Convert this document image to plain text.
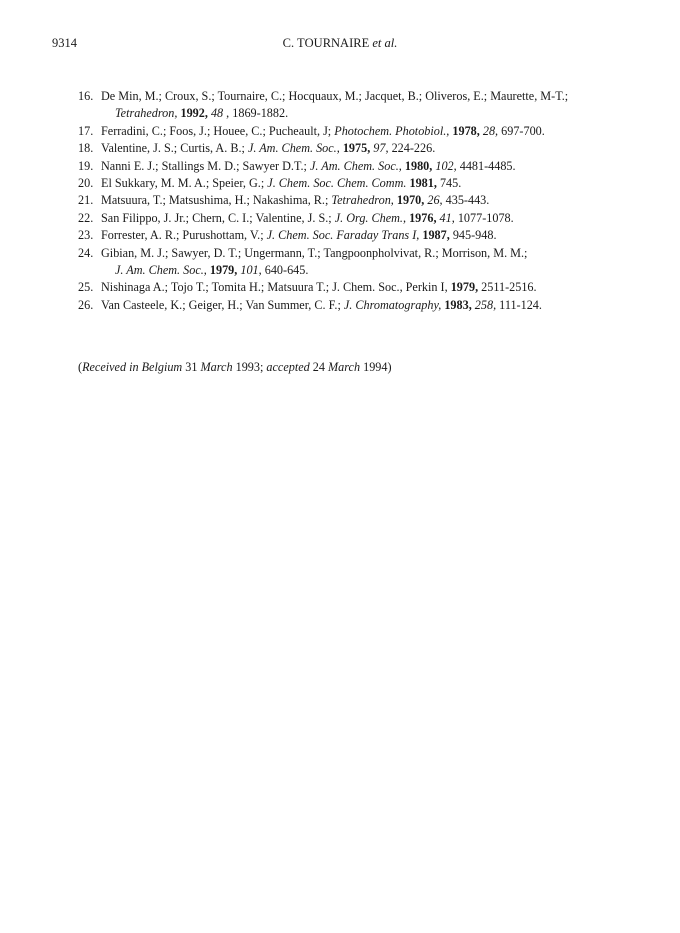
9314	C. TOURNAIRE et al.
16. De Min, M.; Croux, S.; Tournaire, C.; Hocquaux, M.; Jacquet, B.; Oliveros, E.; Maurette, M-T.;
Tetrahedron, 1992, 48 , 1869-1882.
17. Ferradini, C.; Foos, J.; Houee, C.; Pucheault, J; Photochem. Photobiol., 1978, 28, 697-700.
18. Valentine, J. S.; Curtis, A. B.; J. Am. Chem. Soc., 1975, 97, 224-226.
19. Nanni E. J.; Stallings M. D.; Sawyer D.T.; J. Am. Chem. Soc., 1980, 102, 4481-4485.
20. El Sukkary, M. M. A.; Speier, G.; J. Chem. Soc. Chem. Comm. 1981, 745.
21. Matsuura, T.; Matsushima, H.; Nakashima, R.; Tetrahedron, 1970, 26, 435-443.
22. San Filippo, J. Jr.; Chern, C. I.; Valentine, J. S.; J. Org. Chem., 1976, 41, 1077-1078.
23. Forrester, A. R.; Purushottam, V.; J. Chem. Soc. Faraday Trans I, 1987, 945-948.
24. Gibian, M. J.; Sawyer, D. T.; Ungermann, T.; Tangpoonpholvivat, R.; Morrison, M. M.;
J. Am. Chem. Soc., 1979, 101, 640-645.
25. Nishinaga A.; Tojo T.; Tomita H.; Matsuura T.; J. Chem. Soc., Perkin I, 1979, 2511-2516.
26. Van Casteele, K.; Geiger, H.; Van Summer, C. F.; J. Chromatography, 1983, 258, 111-124.
(Received in Belgium 31 March 1993; accepted 24 March 1994)
